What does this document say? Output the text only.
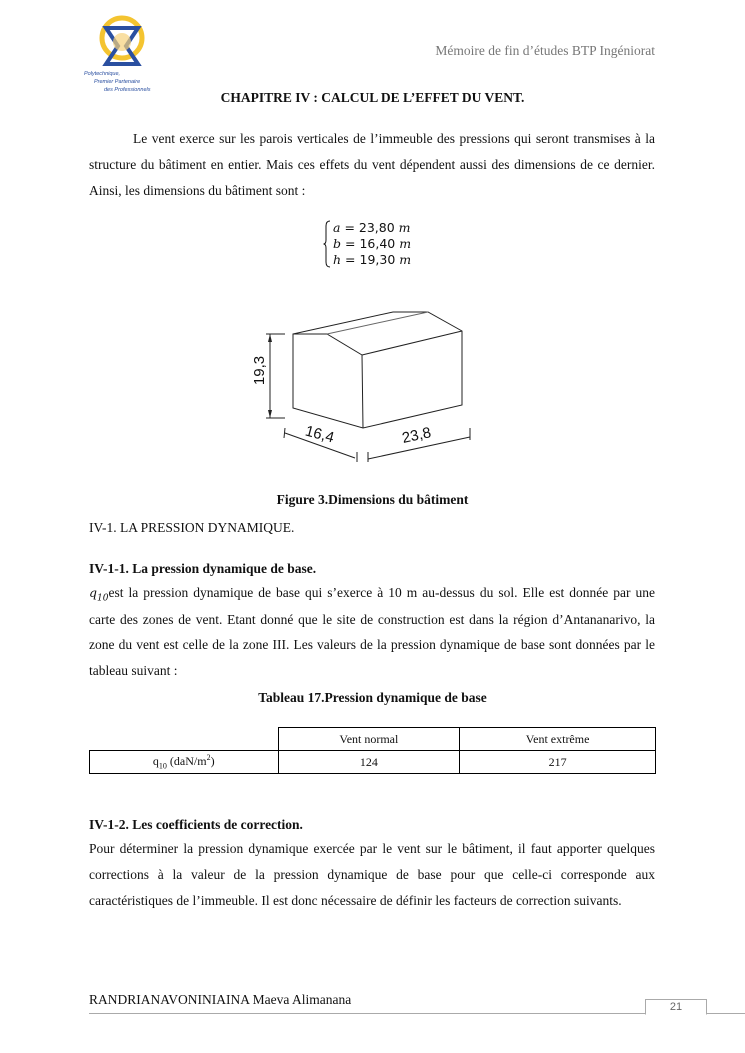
Polytechnique,
Premier Partenaire
des Professionnels
Mémoire de fin d’études BTP Ingéniorat
CHAPITRE IV : CALCUL DE L’EFFET DU VENT.
Le vent exerce sur les parois verticales de l’immeuble des pressions qui seront transmises à la structure du bâtiment en entier. Mais ces effets du vent dépendent aussi des dimensions de ce dernier. Ainsi, les dimensions du bâtiment sont :
a = 23,80 m
b = 16,40 m
h = 19,30 m
19,3
16,4	23,8
Figure 3.Dimensions du bâtiment
IV-1. LA PRESSION DYNAMIQUE.
IV-1-1. La pression dynamique de base.
$q_{10}est$ la pression dynamique de base qui s’exerce à 10 m au-dessus du sol. Elle est donnée par une carte des zones de vent. Etant donné que le site de construction est dans la région d’Antananarivo, la zone du vent est celle de la zone III. Les valeurs de la pression dynamique de base sont données par le tableau suivant :
Tableau 17.Pression dynamique de base
	Vent normal	Vent extrême
$q_{10}$ $(daN/m^2)$	124	217
IV-1-2. Les coefficients de correction.
Pour déterminer la pression dynamique exercée par le vent sur le bâtiment, il faut apporter quelques corrections à la valeur de la pression dynamique de base pour que celle-ci corresponde aux caractéristiques de l’immeuble. Il est donc nécessaire de définir les facteurs de correction suivants.
RANDRIANAVONINIAINA Maeva Alimanana	21
